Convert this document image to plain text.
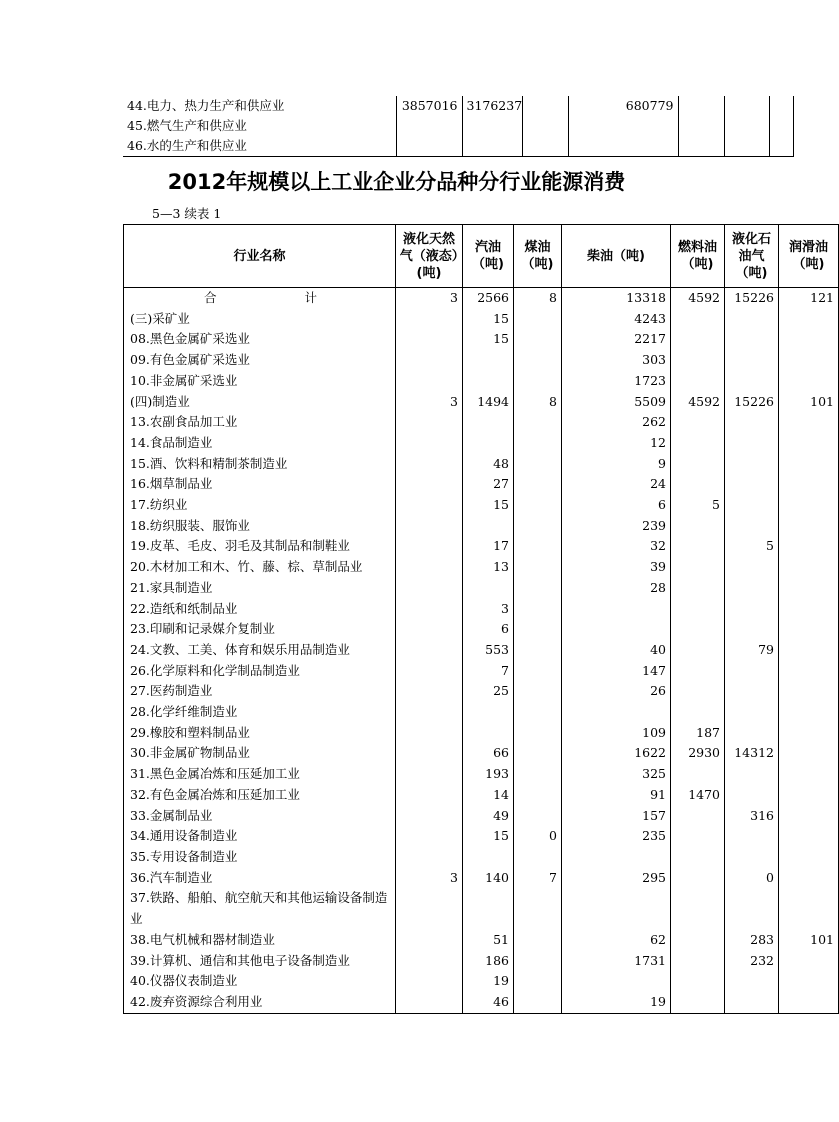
44.电力、热力生产和供应业	3857016	3176237		680779			
45.燃气生产和供应业							
46.水的生产和供应业							
2012年规模以上工业企业分品种分行业能源消费
5—3 续表 1
行业名称	液化天然气（液态）(吨)	汽油（吨)	煤油（吨)	柴油（吨)	燃料油（吨)	液化石油气（吨)	润滑油（吨)
合 计	3	2566	8	13318	4592	15226	121
(三)采矿业		15		4243			
08.黑色金属矿采选业		15		2217			
09.有色金属矿采选业				303			
10.非金属矿采选业				1723			
(四)制造业	3	1494	8	5509	4592	15226	101
13.农副食品加工业				262			
14.食品制造业				12			
15.酒、饮料和精制茶制造业		48		9			
16.烟草制品业		27		24			
17.纺织业		15		6	5		
18.纺织服装、服饰业				239			
19.皮革、毛皮、羽毛及其制品和制鞋业		17		32		5	
20.木材加工和木、竹、藤、棕、草制品业		13		39			
21.家具制造业				28			
22.造纸和纸制品业		3					
23.印刷和记录媒介复制业		6					
24.文教、工美、体育和娱乐用品制造业		553		40		79	
26.化学原料和化学制品制造业		7		147			
27.医药制造业		25		26			
28.化学纤维制造业							
29.橡胶和塑料制品业				109	187		
30.非金属矿物制品业		66		1622	2930	14312	
31.黑色金属冶炼和压延加工业		193		325			
32.有色金属冶炼和压延加工业		14		91	1470		
33.金属制品业		49		157		316	
34.通用设备制造业		15	0	235			
35.专用设备制造业							
36.汽车制造业	3	140	7	295		0	
37.铁路、船舶、航空航天和其他运输设备制造业							
38.电气机械和器材制造业		51		62		283	101
39.计算机、通信和其他电子设备制造业		186		1731		232	
40.仪器仪表制造业		19					
42.废弃资源综合利用业		46		19			
